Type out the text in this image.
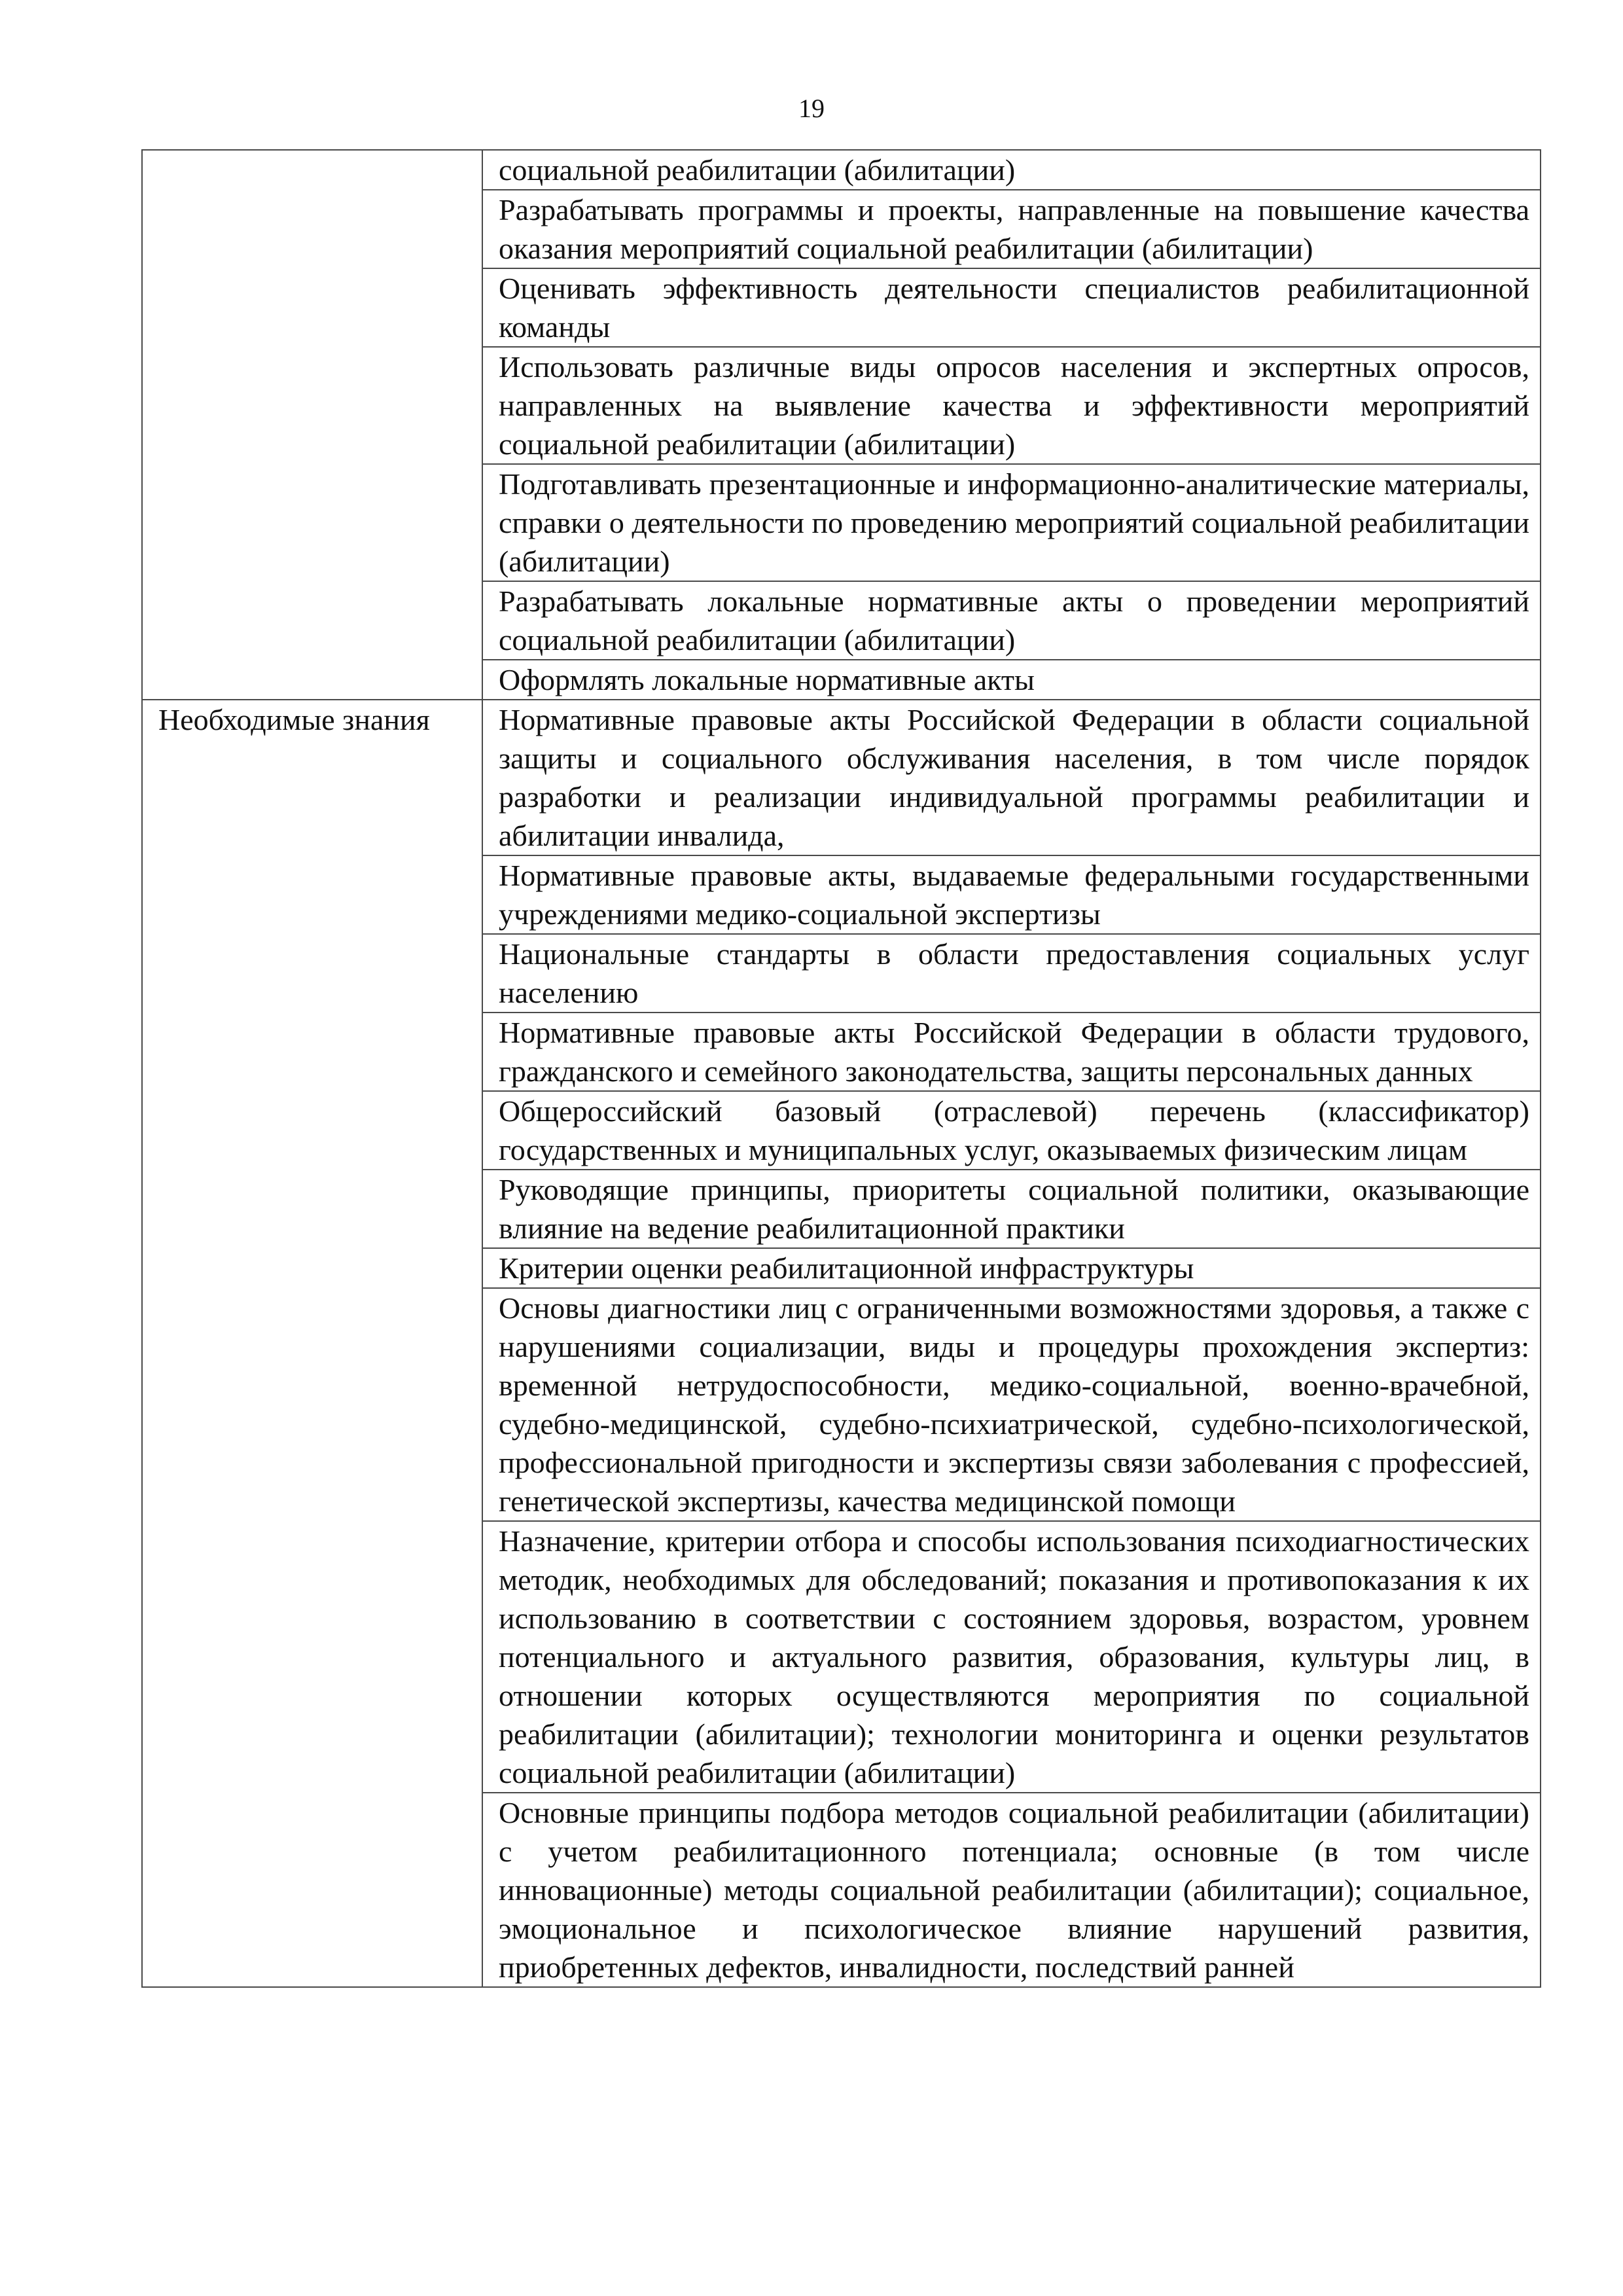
19

	социальной реабилитации (абилитации)

	Разрабатывать программы и проекты, направленные на повышение качества оказания мероприятий социальной реабилитации (абилитации)

	Оценивать эффективность деятельности специалистов реабилитационной команды

	Использовать различные виды опросов населения и экспертных опросов, направленных на выявление качества и эффективности мероприятий социальной реабилитации (абилитации)

	Подготавливать презентационные и информационно-аналитические материалы, справки о деятельности по проведению мероприятий социальной реабилитации (абилитации)

	Разрабатывать локальные нормативные акты о проведении мероприятий социальной реабилитации (абилитации)

	Оформлять локальные нормативные акты

Необходимые знания	Нормативные правовые акты Российской Федерации в области социальной защиты и социального обслуживания населения, в том числе порядок разработки и реализации индивидуальной программы реабилитации и абилитации инвалида,

	Нормативные правовые акты, выдаваемые федеральными государственными учреждениями медико-социальной экспертизы

	Национальные стандарты в области предоставления социальных услуг населению

	Нормативные правовые акты Российской Федерации в области трудового, гражданского и семейного законодательства, защиты персональных данных

	Общероссийский базовый (отраслевой) перечень (классификатор) государственных и муниципальных услуг, оказываемых физическим лицам

	Руководящие принципы, приоритеты социальной политики, оказывающие влияние на ведение реабилитационной практики

	Критерии оценки реабилитационной инфраструктуры

	Основы диагностики лиц с ограниченными возможностями здоровья, а также с нарушениями социализации, виды и процедуры прохождения экспертиз: временной нетрудоспособности, медико-социальной, военно-врачебной, судебно-медицинской, судебно-психиатрической, судебно-психологической, профессиональной пригодности и экспертизы связи заболевания с профессией, генетической экспертизы, качества медицинской помощи

	Назначение, критерии отбора и способы использования психодиагностических методик, необходимых для обследований; показания и противопоказания к их использованию в соответствии с состоянием здоровья, возрастом, уровнем потенциального и актуального развития, образования, культуры лиц, в отношении которых осуществляются мероприятия по социальной реабилитации (абилитации); технологии мониторинга и оценки результатов социальной реабилитации (абилитации)

	Основные принципы подбора методов социальной реабилитации (абилитации) с учетом реабилитационного потенциала; основные (в том числе инновационные) методы социальной реабилитации (абилитации); социальное, эмоциональное и психологическое влияние нарушений развития, приобретенных дефектов, инвалидности, последствий ранней
